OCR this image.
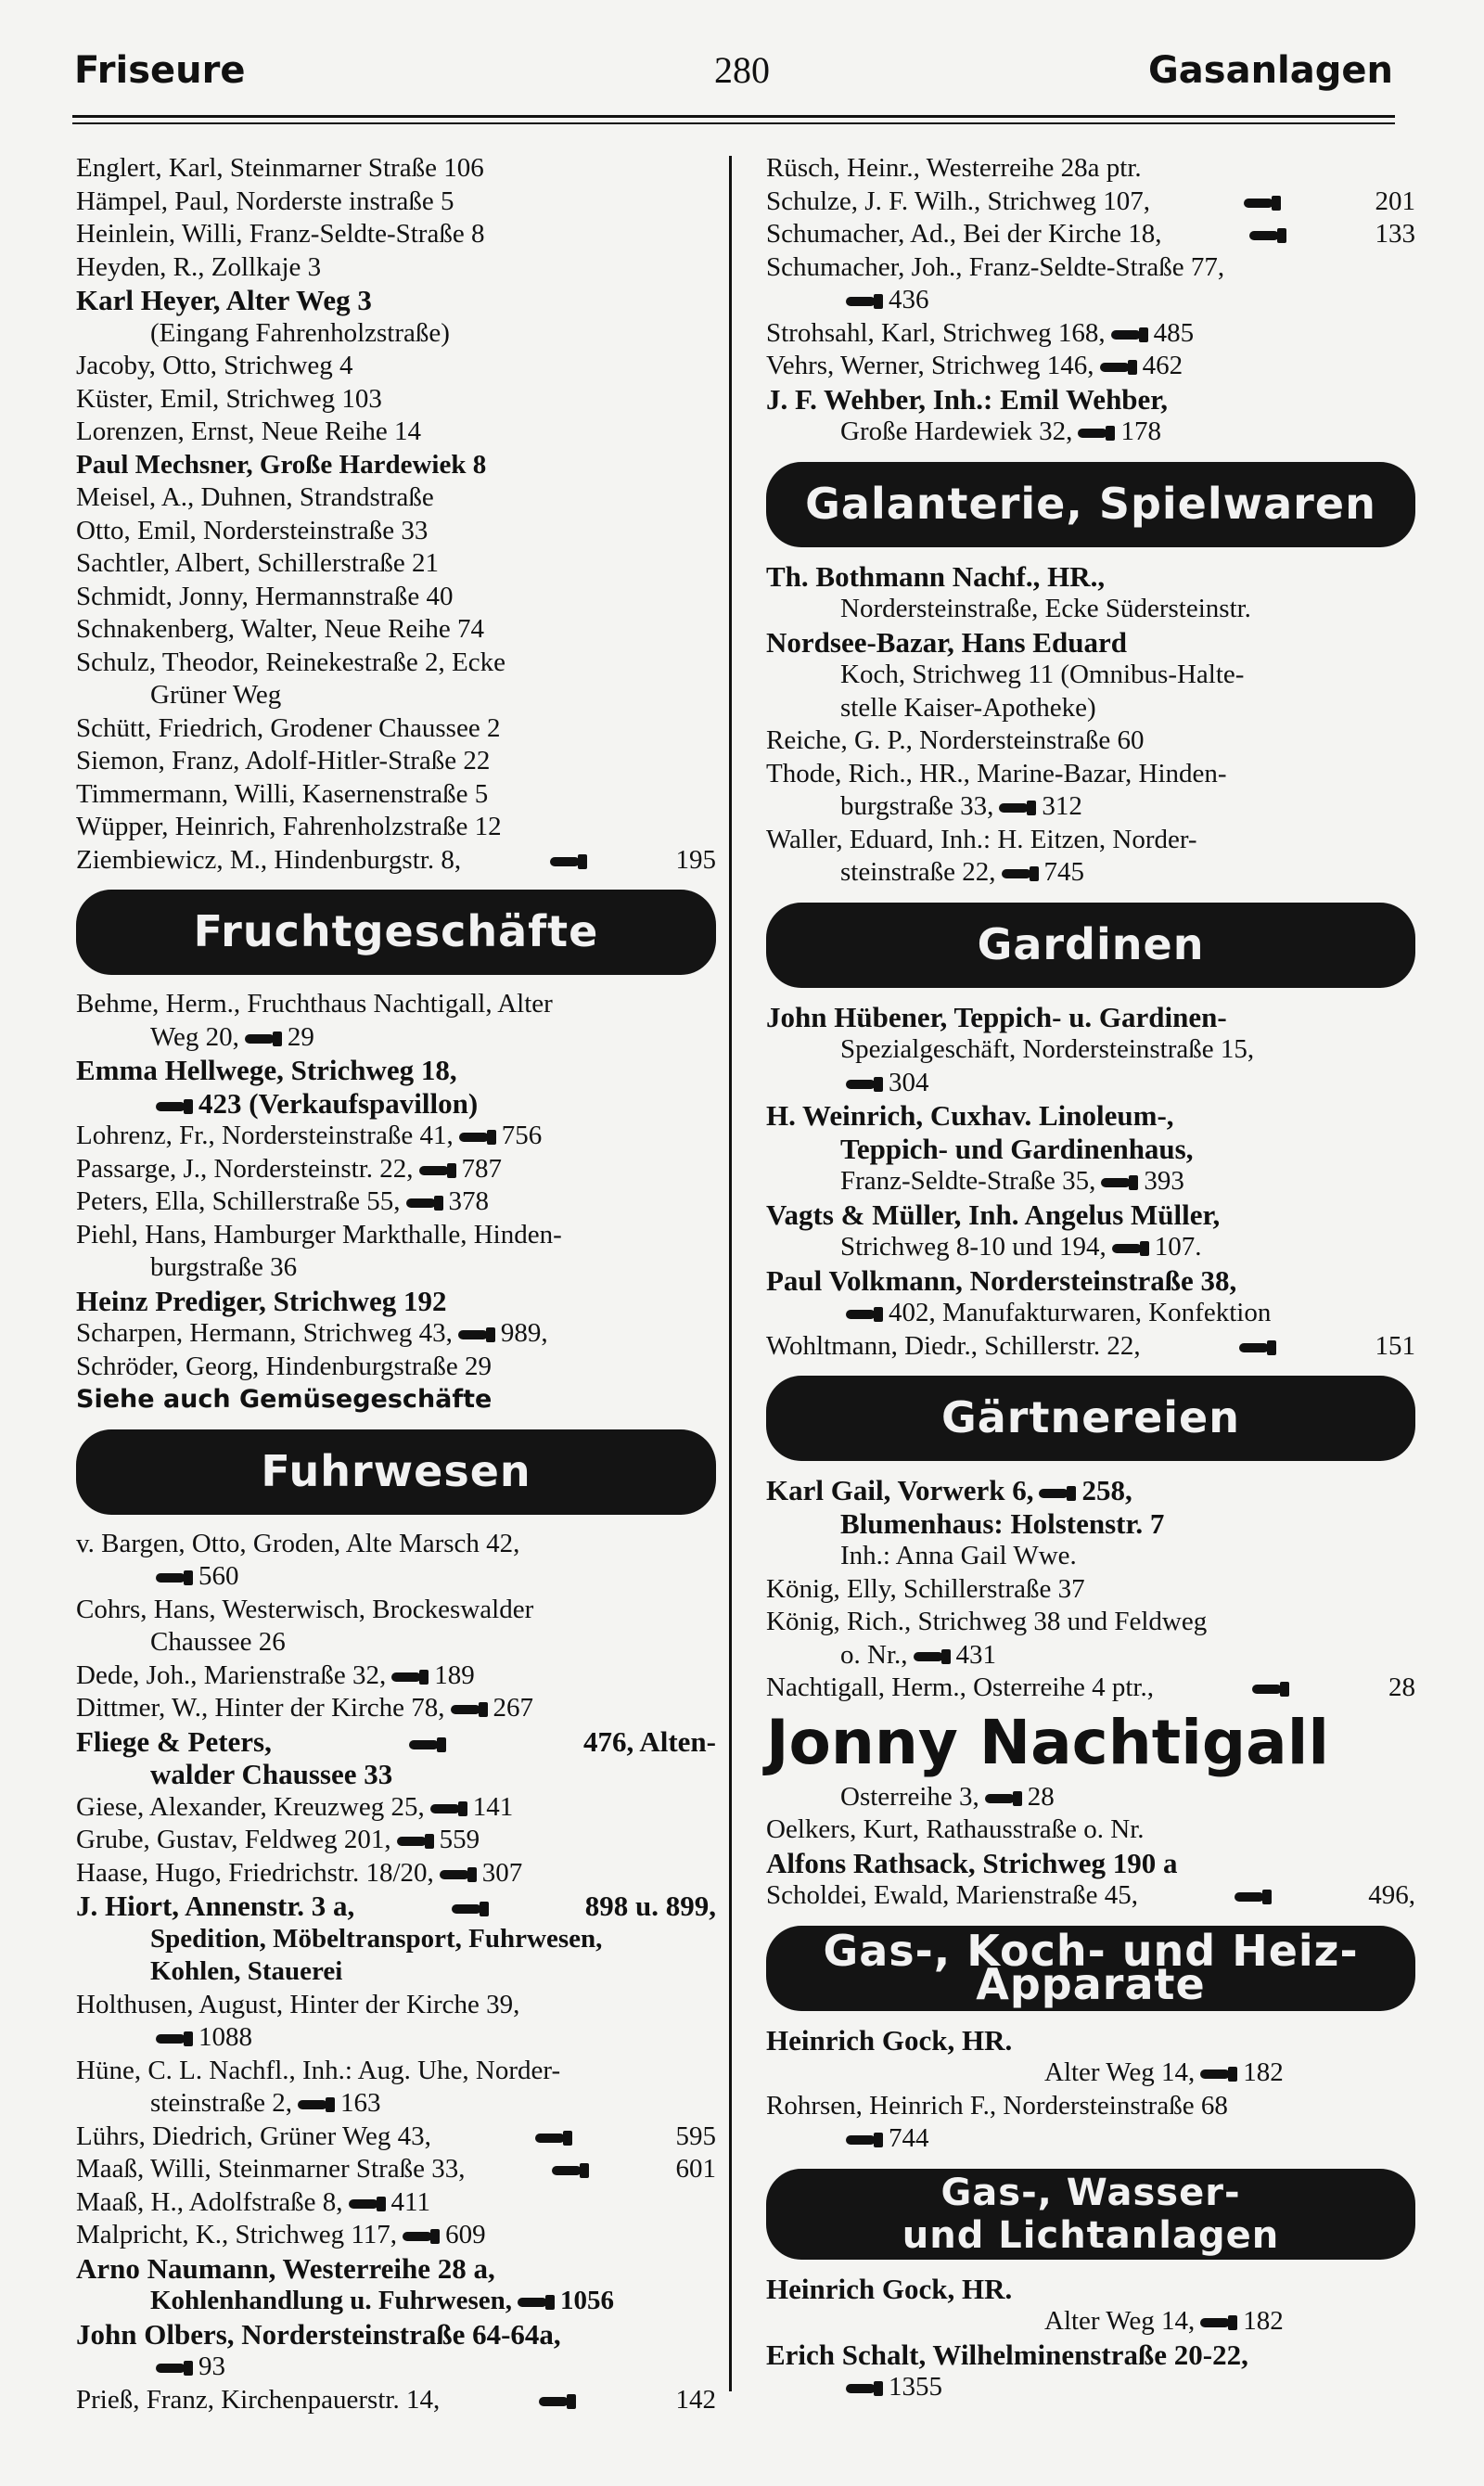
Friseure	280	Gasanlagen
Englert, Karl, Steinmarner Straße 106
Hämpel, Paul, Norderste instraße 5
Heinlein, Willi, Franz-Seldte-Straße 8
Heyden, R., Zollkaje 3
Karl Heyer, Alter Weg 3
(Eingang Fahrenholzstraße)
Jacoby, Otto, Strichweg 4
Küster, Emil, Strichweg 103
Lorenzen, Ernst, Neue Reihe 14
Paul Mechsner, Große Hardewiek 8
Meisel, A., Duhnen, Strandstraße
Otto, Emil, Nordersteinstraße 33
Sachtler, Albert, Schillerstraße 21
Schmidt, Jonny, Hermannstraße 40
Schnakenberg, Walter, Neue Reihe 74
Schulz, Theodor, Reinekestraße 2, Ecke
Grüner Weg
Schütt, Friedrich, Grodener Chaussee 2
Siemon, Franz, Adolf-Hitler-Straße 22
Timmermann, Willi, Kasernenstraße 5
Wüpper, Heinrich, Fahrenholzstraße 12
Ziembiewicz, M., Hindenburgstr. 8,	195
Fruchtgeschäfte
Behme, Herm., Fruchthaus Nachtigall, Alter
Weg 20, 29
Emma Hellwege, Strichweg 18,
423 (Verkaufspavillon)
Lohrenz, Fr., Nordersteinstraße 41, 756
Passarge, J., Nordersteinstr. 22, 787
Peters, Ella, Schillerstraße 55, 378
Piehl, Hans, Hamburger Markthalle, Hinden-
burgstraße 36
Heinz Prediger, Strichweg 192
Scharpen, Hermann, Strichweg 43, 989,
Schröder, Georg, Hindenburgstraße 29
Siehe auch Gemüsegeschäfte
Fuhrwesen
v. Bargen, Otto, Groden, Alte Marsch 42,
560
Cohrs, Hans, Westerwisch, Brockeswalder
Chaussee 26
Dede, Joh., Marienstraße 32, 189
Dittmer, W., Hinter der Kirche 78, 267
Fliege & Peters,	476, Alten-
walder Chaussee 33
Giese, Alexander, Kreuzweg 25, 141
Grube, Gustav, Feldweg 201, 559
Haase, Hugo, Friedrichstr. 18/20, 307
J. Hiort, Annenstr. 3 a,	898 u. 899,
Spedition, Möbeltransport, Fuhrwesen,
Kohlen, Stauerei
Holthusen, August, Hinter der Kirche 39,
1088
Hüne, C. L. Nachfl., Inh.: Aug. Uhe, Norder-
steinstraße 2, 163
Lührs, Diedrich, Grüner Weg 43,	595
Maaß, Willi, Steinmarner Straße 33,	601
Maaß, H., Adolfstraße 8, 411
Malpricht, K., Strichweg 117, 609
Arno Naumann, Westerreihe 28 a,
Kohlenhandlung u. Fuhrwesen, 1056
John Olbers, Nordersteinstraße 64-64a,
93
Prieß, Franz, Kirchenpauerstr. 14,	142
Rüsch, Heinr., Westerreihe 28a ptr.
Schulze, J. F. Wilh., Strichweg 107,	201
Schumacher, Ad., Bei der Kirche 18,	133
Schumacher, Joh., Franz-Seldte-Straße 77,
436
Strohsahl, Karl, Strichweg 168, 485
Vehrs, Werner, Strichweg 146, 462
J. F. Wehber, Inh.: Emil Wehber,
Große Hardewiek 32, 178
Galanterie, Spielwaren
Th. Bothmann Nachf., HR.,
Nordersteinstraße, Ecke Südersteinstr.
Nordsee-Bazar, Hans Eduard
Koch, Strichweg 11 (Omnibus-Halte-
stelle Kaiser-Apotheke)
Reiche, G. P., Nordersteinstraße 60
Thode, Rich., HR., Marine-Bazar, Hinden-
burgstraße 33, 312
Waller, Eduard, Inh.: H. Eitzen, Norder-
steinstraße 22, 745
Gardinen
John Hübener, Teppich- u. Gardinen-
Spezialgeschäft, Nordersteinstraße 15,
304
H. Weinrich, Cuxhav. Linoleum-,
Teppich- und Gardinenhaus,
Franz-Seldte-Straße 35, 393
Vagts & Müller, Inh. Angelus Müller,
Strichweg 8-10 und 194, 107.
Paul Volkmann, Nordersteinstraße 38,
402, Manufakturwaren, Konfektion
Wohltmann, Diedr., Schillerstr. 22,	151
Gärtnereien
Karl Gail, Vorwerk 6, 258,
Blumenhaus: Holstenstr. 7
Inh.: Anna Gail Wwe.
König, Elly, Schillerstraße 37
König, Rich., Strichweg 38 und Feldweg
o. Nr., 431
Nachtigall, Herm., Osterreihe 4 ptr.,	28
Jonny Nachtigall
Osterreihe 3, 28
Oelkers, Kurt, Rathausstraße o. Nr.
Alfons Rathsack, Strichweg 190 a
Scholdei, Ewald, Marienstraße 45,	496,
Gas-, Koch- und Heiz-Apparate
Heinrich Gock, HR.
Alter Weg 14, 182
Rohrsen, Heinrich F., Nordersteinstraße 68
744
Gas-, Wasser-
und Lichtanlagen
Heinrich Gock, HR.
Alter Weg 14, 182
Erich Schalt, Wilhelminenstraße 20-22,
1355
